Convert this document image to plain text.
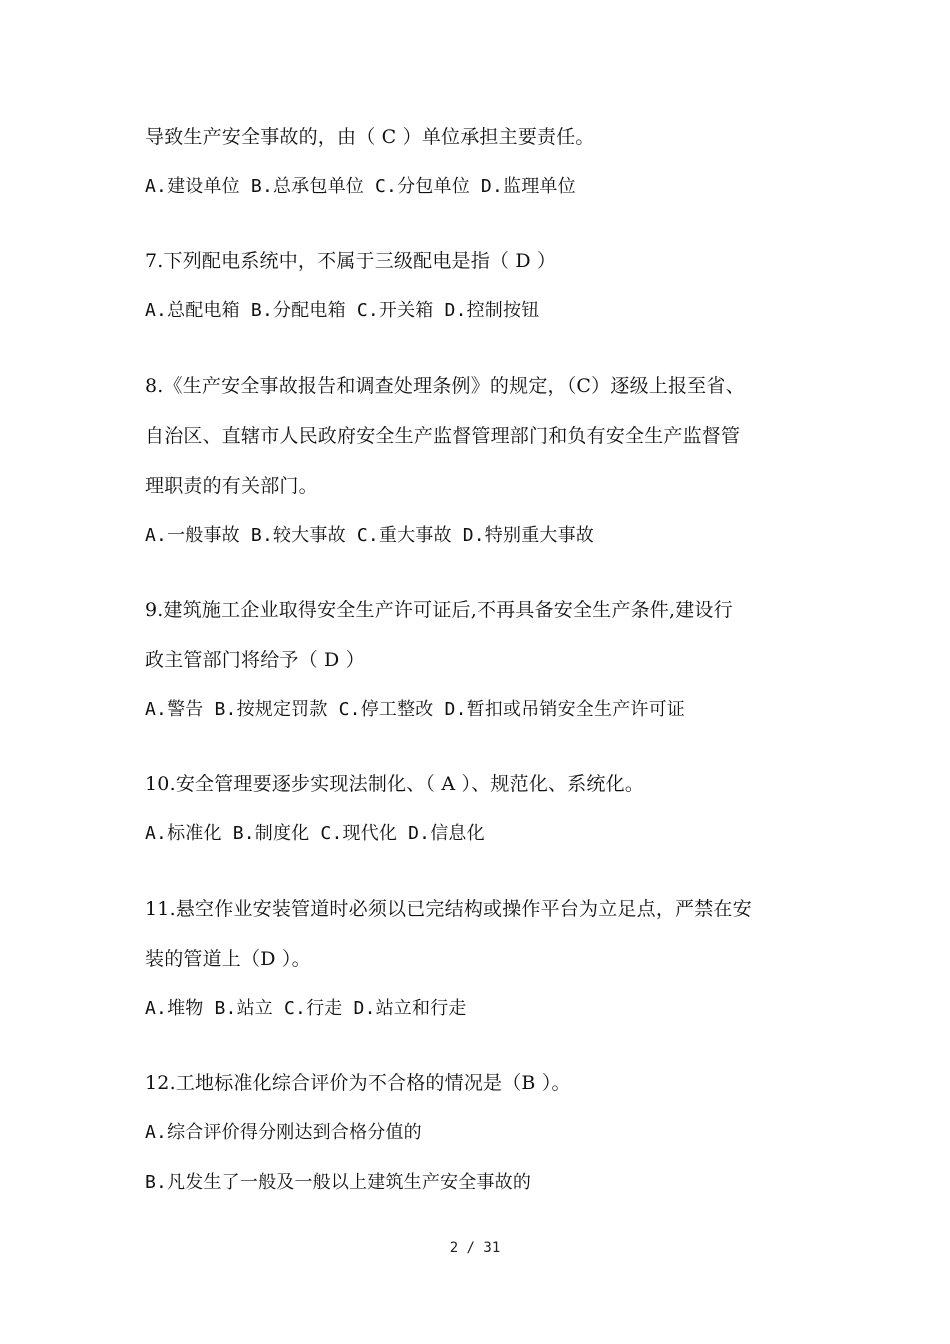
导致生产安全事故的，由（ C ）单位承担主要责任。
A.建设单位 B.总承包单位 C.分包单位 D.监理单位
7.下列配电系统中，不属于三级配电是指（ D ）
A.总配电箱 B.分配电箱 C.开关箱 D.控制按钮
8.《生产安全事故报告和调查处理条例》的规定，（C）逐级上报至省、
自治区、直辖市人民政府安全生产监督管理部门和负有安全生产监督管
理职责的有关部门。
A.一般事故 B.较大事故 C.重大事故 D.特别重大事故
9.建筑施工企业取得安全生产许可证后,不再具备安全生产条件,建设行
政主管部门将给予（ D ）
A.警告 B.按规定罚款 C.停工整改 D.暂扣或吊销安全生产许可证
10.安全管理要逐步实现法制化、（ A ）、规范化、系统化。
A.标准化 B.制度化 C.现代化 D.信息化
11.悬空作业安装管道时必须以已完结构或操作平台为立足点，严禁在安
装的管道上（D ）。
A.堆物 B.站立 C.行走 D.站立和行走
12.工地标准化综合评价为不合格的情况是（B ）。
A.综合评价得分刚达到合格分值的
B.凡发生了一般及一般以上建筑生产安全事故的
2 / 31
